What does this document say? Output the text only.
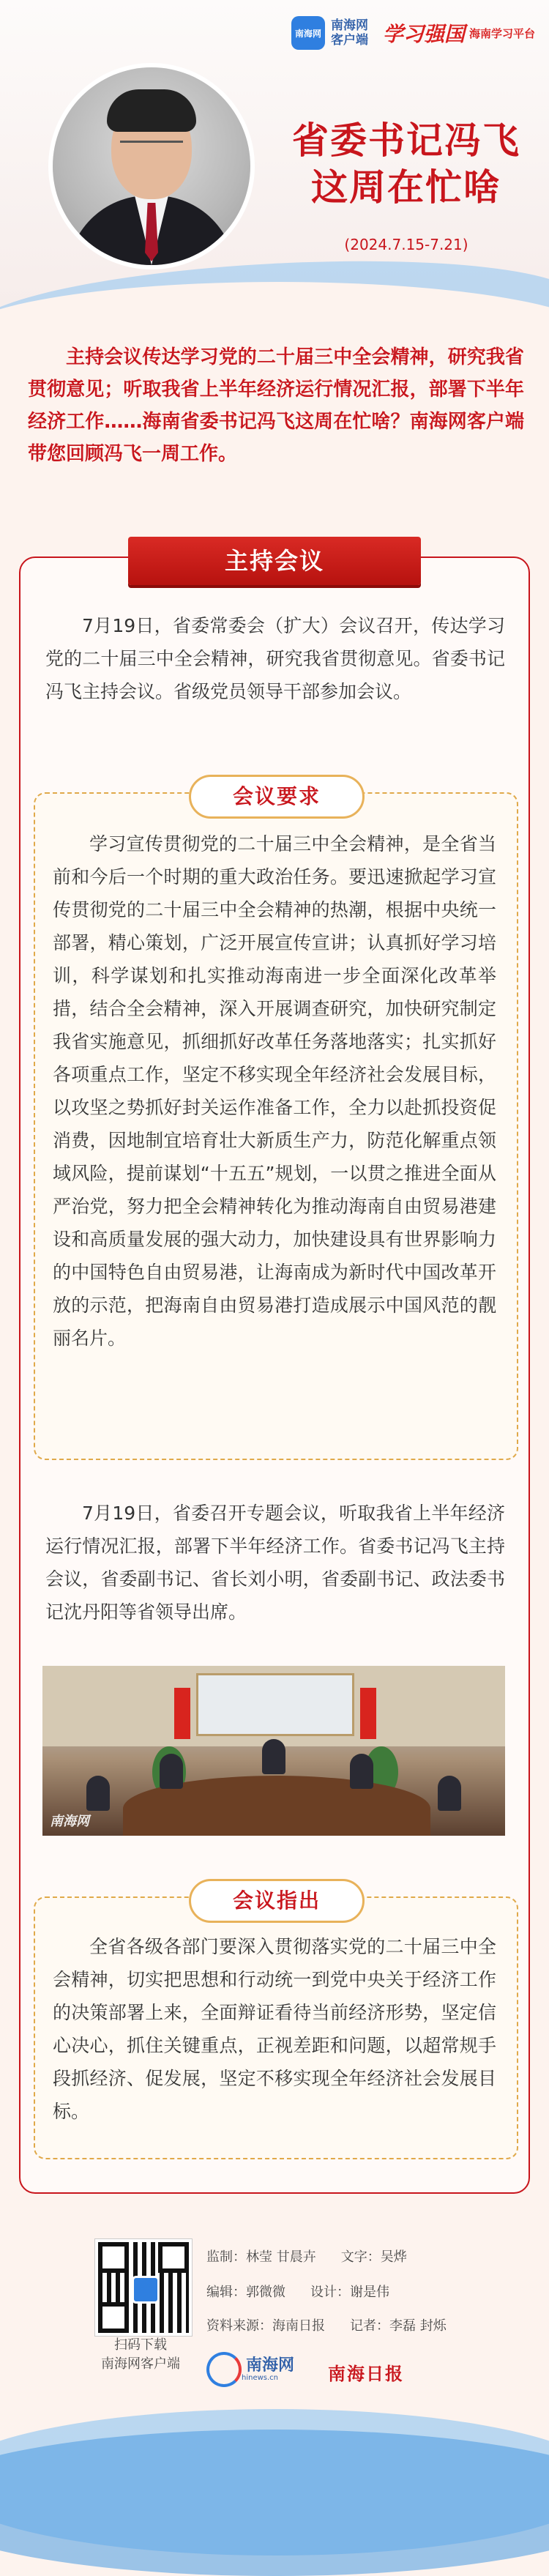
南海网
南海网
客户端 学习强国 海南学习平台
省委书记冯飞
这周在忙啥
(2024.7.15-7.21)
主持会议传达学习党的二十届三中全会精神，研究我省贯彻意见；听取我省上半年经济运行情况汇报，部署下半年经济工作……海南省委书记冯飞这周在忙啥？南海网客户端带您回顾冯飞一周工作。
主持会议
7月19日，省委常委会（扩大）会议召开，传达学习党的二十届三中全会精神，研究我省贯彻意见。省委书记冯飞主持会议。省级党员领导干部参加会议。
会议要求
学习宣传贯彻党的二十届三中全会精神，是全省当前和今后一个时期的重大政治任务。要迅速掀起学习宣传贯彻党的二十届三中全会精神的热潮，根据中央统一部署，精心策划，广泛开展宣传宣讲；认真抓好学习培训，科学谋划和扎实推动海南进一步全面深化改革举措，结合全会精神，深入开展调查研究，加快研究制定我省实施意见，抓细抓好改革任务落地落实；扎实抓好各项重点工作，坚定不移实现全年经济社会发展目标，以攻坚之势抓好封关运作准备工作，全力以赴抓投资促消费，因地制宜培育壮大新质生产力，防范化解重点领域风险，提前谋划“十五五”规划，一以贯之推进全面从严治党，努力把全会精神转化为推动海南自由贸易港建设和高质量发展的强大动力，加快建设具有世界影响力的中国特色自由贸易港，让海南成为新时代中国改革开放的示范，把海南自由贸易港打造成展示中国风范的靓丽名片。
7月19日，省委召开专题会议，听取我省上半年经济运行情况汇报，部署下半年经济工作。省委书记冯飞主持会议，省委副书记、省长刘小明，省委副书记、政法委书记沈丹阳等省领导出席。
南海网
会议指出
全省各级各部门要深入贯彻落实党的二十届三中全会精神，切实把思想和行动统一到党中央关于经济工作的决策部署上来，全面辩证看待当前经济形势，坚定信心决心，抓住关键重点，正视差距和问题，以超常规手段抓经济、促发展，坚定不移实现全年经济社会发展目标。
扫码下载
南海网客户端
监制：林莹 甘晨卉 文字：吴烨
编辑：郭微微 设计：谢是伟
资料来源：海南日报 记者：李磊 封烁
南海网
hinews.cn	南海日报
